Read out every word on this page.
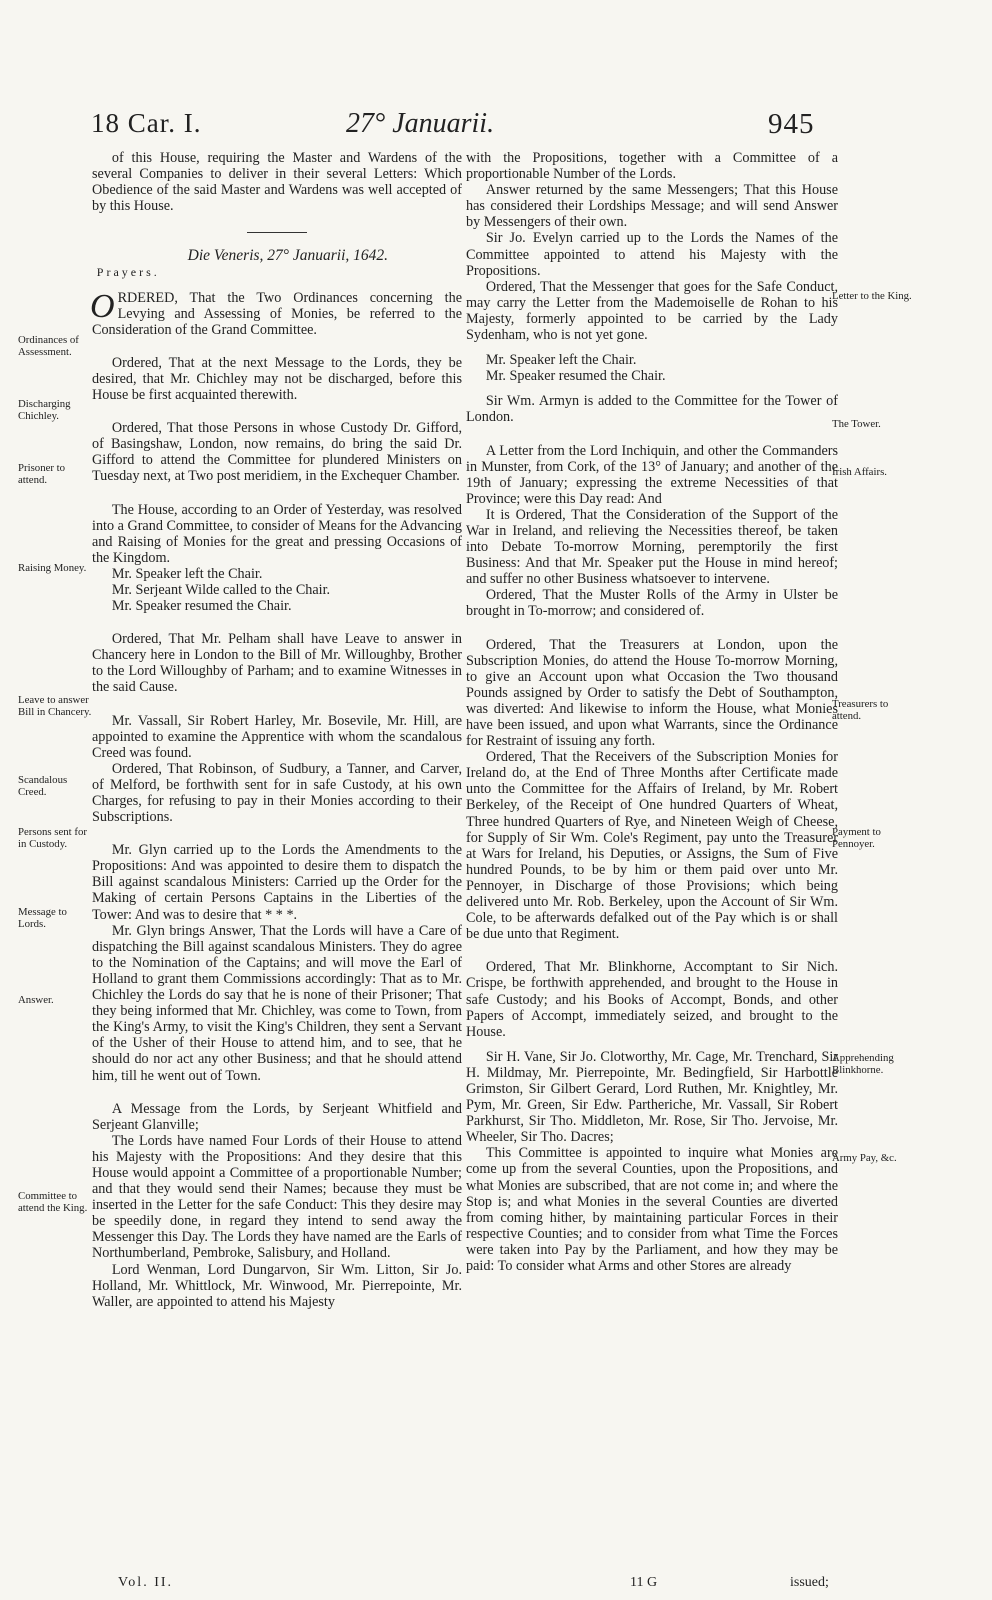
18 Car. I.	27° Januarii.	945

of this House, requiring the Master and Wardens of the several Companies to deliver in their several Letters: Which Obedience of the said Master and Wardens was well accepted of by this House.

Die Veneris, 27° Januarii, 1642.

Prayers.

ORDERED, That the Two Ordinances concerning the Levying and Assessing of Monies, be referred to the Consideration of the Grand Committee.

Ordered, That at the next Message to the Lords, they be desired, that Mr. Chichley may not be discharged, before this House be first acquainted therewith.

Ordered, That those Persons in whose Custody Dr. Gifford, of Basingshaw, London, now remains, do bring the said Dr. Gifford to attend the Committee for plundered Ministers on Tuesday next, at Two post meridiem, in the Exchequer Chamber.

The House, according to an Order of Yesterday, was resolved into a Grand Committee, to consider of Means for the Advancing and Raising of Monies for the great and pressing Occasions of the Kingdom.

Mr. Speaker left the Chair.

Mr. Serjeant Wilde called to the Chair.

Mr. Speaker resumed the Chair.

Ordered, That Mr. Pelham shall have Leave to answer in Chancery here in London to the Bill of Mr. Willoughby, Brother to the Lord Willoughby of Parham; and to examine Witnesses in the said Cause.

Mr. Vassall, Sir Robert Harley, Mr. Bosevile, Mr. Hill, are appointed to examine the Apprentice with whom the scandalous Creed was found.

Ordered, That Robinson, of Sudbury, a Tanner, and Carver, of Melford, be forthwith sent for in safe Custody, at his own Charges, for refusing to pay in their Monies according to their Subscriptions.

Mr. Glyn carried up to the Lords the Amendments to the Propositions: And was appointed to desire them to dispatch the Bill against scandalous Ministers: Carried up the Order for the Making of certain Persons Captains in the Liberties of the Tower: And was to desire that * * *.

Mr. Glyn brings Answer, That the Lords will have a Care of dispatching the Bill against scandalous Ministers. They do agree to the Nomination of the Captains; and will move the Earl of Holland to grant them Commissions accordingly: That as to Mr. Chichley the Lords do say that he is none of their Prisoner; That they being informed that Mr. Chichley, was come to Town, from the King's Army, to visit the King's Children, they sent a Servant of the Usher of their House to attend him, and to see, that he should do nor act any other Business; and that he should attend him, till he went out of Town.

A Message from the Lords, by Serjeant Whitfield and Serjeant Glanville;

The Lords have named Four Lords of their House to attend his Majesty with the Propositions: And they desire that this House would appoint a Committee of a proportionable Number; and that they would send their Names; because they must be inserted in the Letter for the safe Conduct: This they desire may be speedily done, in regard they intend to send away the Messenger this Day. The Lords they have named are the Earls of Northumberland, Pembroke, Salisbury, and Holland.

Lord Wenman, Lord Dungarvon, Sir Wm. Litton, Sir Jo. Holland, Mr. Whittlock, Mr. Winwood, Mr. Pierrepointe, Mr. Waller, are appointed to attend his Majesty

with the Propositions, together with a Committee of a proportionable Number of the Lords.

Answer returned by the same Messengers; That this House has considered their Lordships Message; and will send Answer by Messengers of their own.

Sir Jo. Evelyn carried up to the Lords the Names of the Committee appointed to attend his Majesty with the Propositions.

Ordered, That the Messenger that goes for the Safe Conduct, may carry the Letter from the Mademoiselle de Rohan to his Majesty, formerly appointed to be carried by the Lady Sydenham, who is not yet gone.

Mr. Speaker left the Chair.

Mr. Speaker resumed the Chair.

Sir Wm. Armyn is added to the Committee for the Tower of London.

A Letter from the Lord Inchiquin, and other the Commanders in Munster, from Cork, of the 13° of January; and another of the 19th of January; expressing the extreme Necessities of that Province; were this Day read: And

It is Ordered, That the Consideration of the Support of the War in Ireland, and relieving the Necessities thereof, be taken into Debate To-morrow Morning, peremptorily the first Business: And that Mr. Speaker put the House in mind hereof; and suffer no other Business whatsoever to intervene.

Ordered, That the Muster Rolls of the Army in Ulster be brought in To-morrow; and considered of.

Ordered, That the Treasurers at London, upon the Subscription Monies, do attend the House To-morrow Morning, to give an Account upon what Occasion the Two thousand Pounds assigned by Order to satisfy the Debt of Southampton, was diverted: And likewise to inform the House, what Monies have been issued, and upon what Warrants, since the Ordinance for Restraint of issuing any forth.

Ordered, That the Receivers of the Subscription Monies for Ireland do, at the End of Three Months after Certificate made unto the Committee for the Affairs of Ireland, by Mr. Robert Berkeley, of the Receipt of One hundred Quarters of Wheat, Three hundred Quarters of Rye, and Nineteen Weigh of Cheese, for Supply of Sir Wm. Cole's Regiment, pay unto the Treasurer at Wars for Ireland, his Deputies, or Assigns, the Sum of Five hundred Pounds, to be by him or them paid over unto Mr. Pennoyer, in Discharge of those Provisions; which being delivered unto Mr. Rob. Berkeley, upon the Account of Sir Wm. Cole, to be afterwards defalked out of the Pay which is or shall be due unto that Regiment.

Ordered, That Mr. Blinkhorne, Accomptant to Sir Nich. Crispe, be forthwith apprehended, and brought to the House in safe Custody; and his Books of Accompt, Bonds, and other Papers of Accompt, immediately seized, and brought to the House.

Sir H. Vane, Sir Jo. Clotworthy, Mr. Cage, Mr. Trenchard, Sir H. Mildmay, Mr. Pierrepointe, Mr. Bedingfield, Sir Harbottle Grimston, Sir Gilbert Gerard, Lord Ruthen, Mr. Knightley, Mr. Pym, Mr. Green, Sir Edw. Partheriche, Mr. Vassall, Sir Robert Parkhurst, Sir Tho. Middleton, Mr. Rose, Sir Tho. Jervoise, Mr. Wheeler, Sir Tho. Dacres;

This Committee is appointed to inquire what Monies are come up from the several Counties, upon the Propositions, and what Monies are subscribed, that are not come in; and where the Stop is; and what Monies in the several Counties are diverted from coming hither, by maintaining particular Forces in their respective Counties; and to consider from what Time the Forces were taken into Pay by the Parliament, and how they may be paid: To consider what Arms and other Stores are already

Ordinances of Assessment.
Discharging Chichley.
Prisoner to attend.
Raising Money.
Leave to answer Bill in Chancery.
Scandalous Creed.
Persons sent for in Custody.
Message to Lords.
Answer.
Committee to attend the King.
Letter to the King.
The Tower.
Irish Affairs.
Treasurers to attend.
Payment to Pennoyer.
Apprehending Blinkhorne.
Army Pay, &c.
Vol. II.	11 G	issued;
